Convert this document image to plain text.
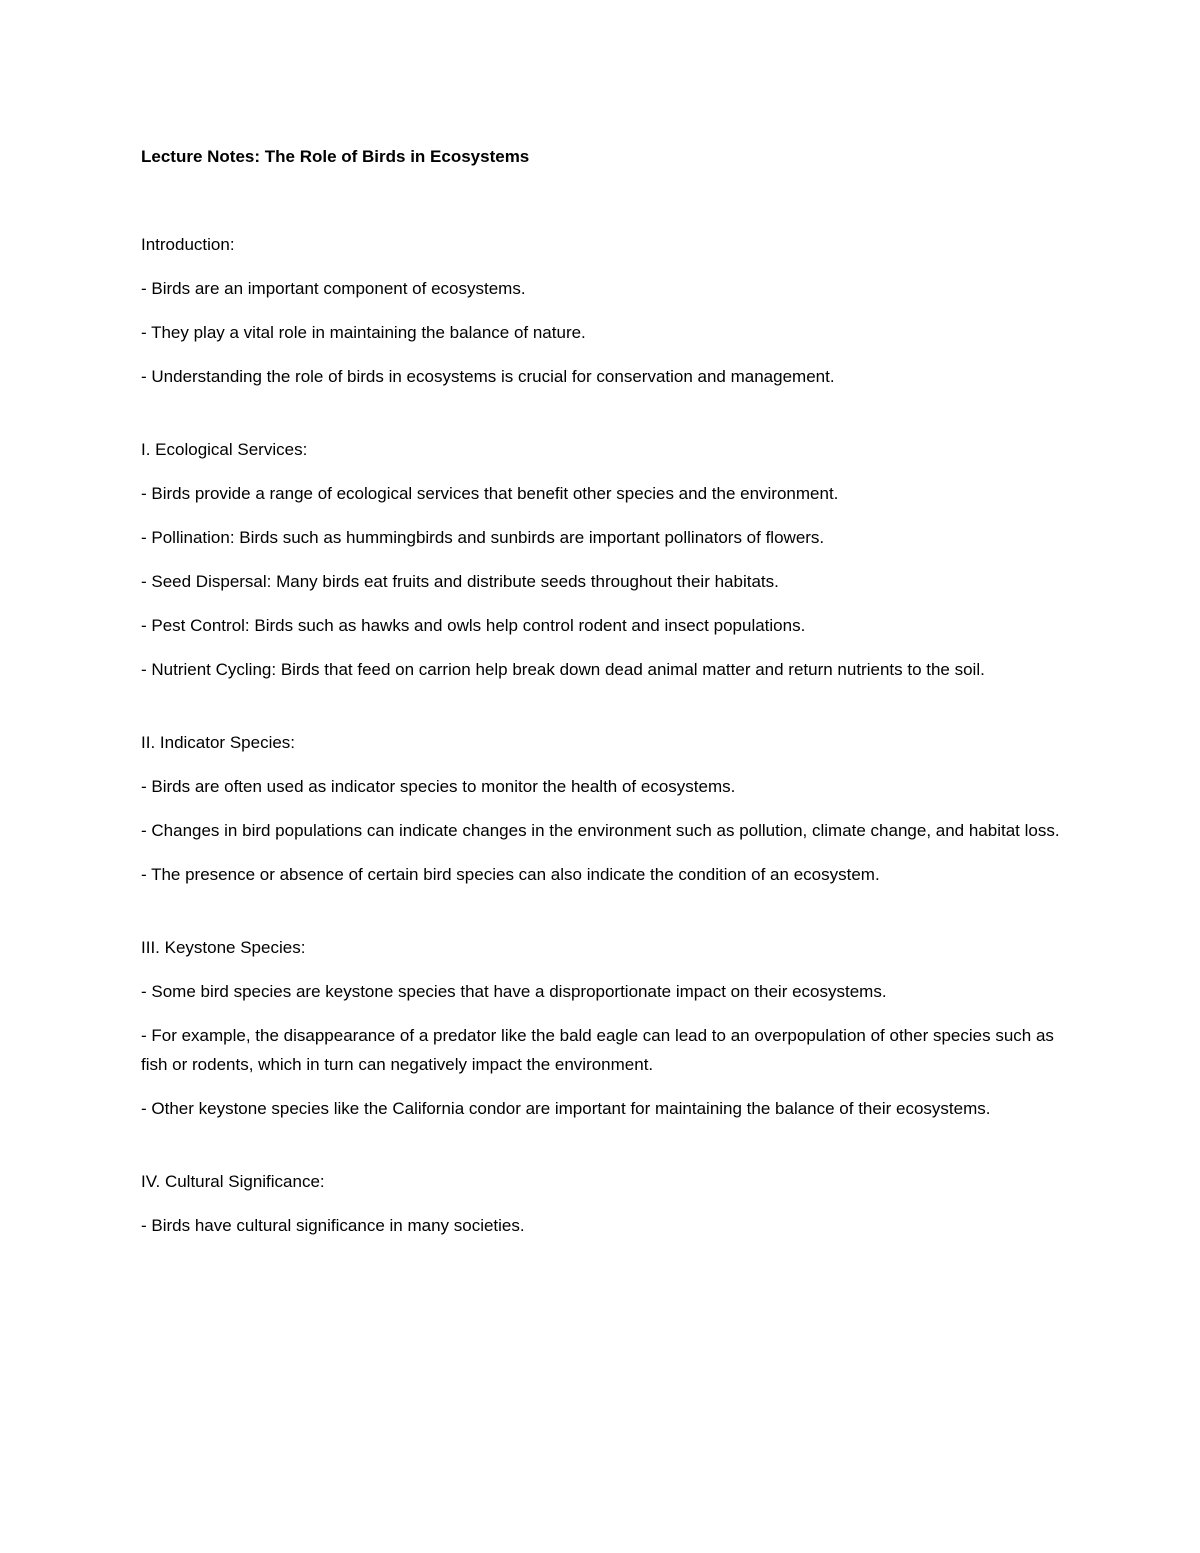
Lecture Notes: The Role of Birds in Ecosystems
Introduction:
- Birds are an important component of ecosystems.
- They play a vital role in maintaining the balance of nature.
- Understanding the role of birds in ecosystems is crucial for conservation and management.
I. Ecological Services:
- Birds provide a range of ecological services that benefit other species and the environment.
- Pollination: Birds such as hummingbirds and sunbirds are important pollinators of flowers.
- Seed Dispersal: Many birds eat fruits and distribute seeds throughout their habitats.
- Pest Control: Birds such as hawks and owls help control rodent and insect populations.
- Nutrient Cycling: Birds that feed on carrion help break down dead animal matter and return nutrients to the soil.
II. Indicator Species:
- Birds are often used as indicator species to monitor the health of ecosystems.
- Changes in bird populations can indicate changes in the environment such as pollution, climate change, and habitat loss.
- The presence or absence of certain bird species can also indicate the condition of an ecosystem.
III. Keystone Species:
- Some bird species are keystone species that have a disproportionate impact on their ecosystems.
- For example, the disappearance of a predator like the bald eagle can lead to an overpopulation of other species such as fish or rodents, which in turn can negatively impact the environment.
- Other keystone species like the California condor are important for maintaining the balance of their ecosystems.
IV. Cultural Significance:
- Birds have cultural significance in many societies.
